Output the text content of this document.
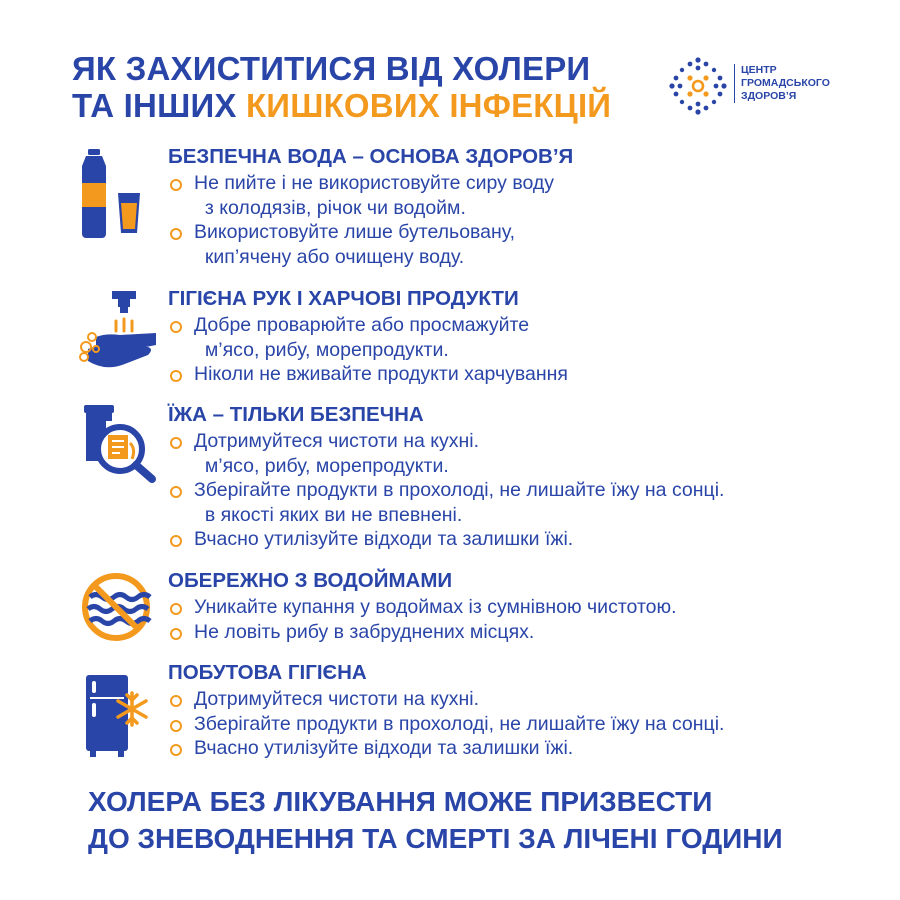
ЯК ЗАХИСТИТИСЯ ВІД ХОЛЕРИ
ТА ІНШИХ КИШКОВИХ ІНФЕКЦІЙ
ЦЕНТР
ГРОМАДСЬКОГО
ЗДОРОВ’Я
БЕЗПЕЧНА ВОДА – ОСНОВА ЗДОРОВ’Я
Не пийте і не використовуйте сиру воду
з колодязів, річок чи водойм.
Використовуйте лише бутельовану,
кип’ячену або очищену воду.
ГІГІЄНА РУК І ХАРЧОВІ ПРОДУКТИ
Добре проварюйте або просмажуйте
м’ясо, рибу, морепродукти.
Ніколи не вживайте продукти харчування
ЇЖА – ТІЛЬКИ БЕЗПЕЧНА
Дотримуйтеся чистоти на кухні.
м’ясо, рибу, морепродукти.
Зберігайте продукти в прохолоді, не лишайте їжу на сонці.
в якості яких ви не впевнені.
Вчасно утилізуйте відходи та залишки їжі.
ОБЕРЕЖНО З ВОДОЙМАМИ
Уникайте купання у водоймах із сумнівною чистотою.
Не ловіть рибу в забруднених місцях.
ПОБУТОВА ГІГІЄНА
Дотримуйтеся чистоти на кухні.
Зберігайте продукти в прохолоді, не лишайте їжу на сонці.
Вчасно утилізуйте відходи та залишки їжі.

ХОЛЕРА БЕЗ ЛІКУВАННЯ МОЖЕ ПРИЗВЕСТИ
ДО ЗНЕВОДНЕННЯ ТА СМЕРТІ ЗА ЛІЧЕНІ ГОДИНИ
